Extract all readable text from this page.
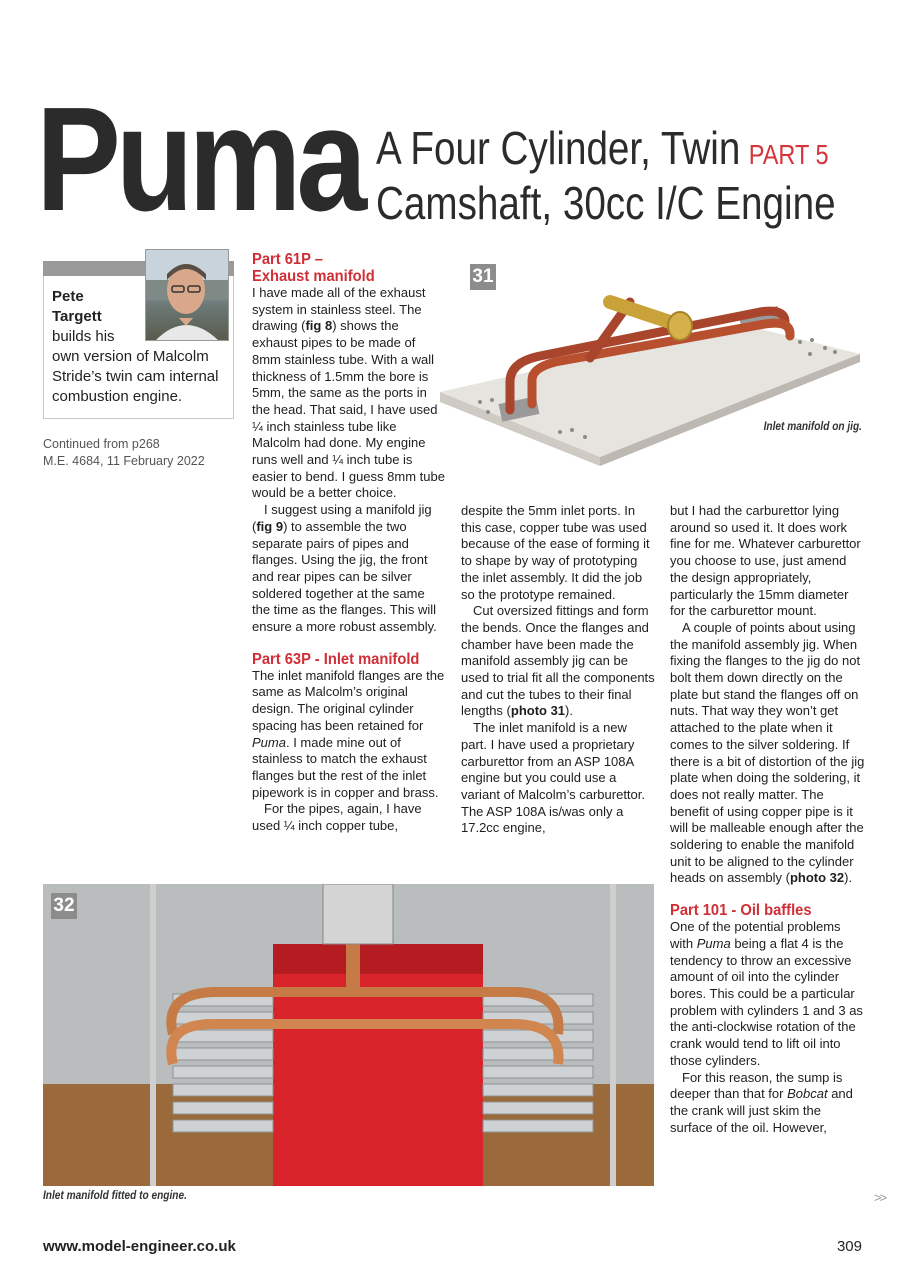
Puma A Four Cylinder, Twin PART 5
Camshaft, 30cc I/C Engine
Pete
Targett
builds his
own version of Malcolm
Stride’s twin cam internal
combustion engine.
Continued from p268
M.E. 4684, 11 February 2022
31
Inlet manifold on jig.
Part 61P –
Exhaust manifold

I have made all of the exhaust system in stainless steel. The drawing (fig 8) shows the exhaust pipes to be made of 8mm stainless tube. With a wall thickness of 1.5mm the bore is 5mm, the same as the ports in the head. That said, I have used ¼ inch stainless tube like Malcolm had done. My engine runs well and ¼ inch tube is easier to bend. I guess 8mm tube would be a better choice.

I suggest using a manifold jig (fig 9) to assemble the two separate pairs of pipes and flanges. Using the jig, the front and rear pipes can be silver soldered together at the same the time as the flanges. This will ensure a more robust assembly.

Part 63P - Inlet manifold

The inlet manifold flanges are the same as Malcolm’s original design. The original cylinder spacing has been retained for Puma. I made mine out of stainless to match the exhaust flanges but the rest of the inlet pipework is in copper and brass.

For the pipes, again, I have used ¼ inch copper tube,

despite the 5mm inlet ports. In this case, copper tube was used because of the ease of forming it to shape by way of prototyping the inlet assembly. It did the job so the prototype remained.

Cut oversized fittings and form the bends. Once the flanges and chamber have been made the manifold assembly jig can be used to trial fit all the components and cut the tubes to their final lengths (photo 31).

The inlet manifold is a new part. I have used a proprietary carburettor from an ASP 108A engine but you could use a variant of Malcolm’s carburettor. The ASP 108A is/was only a 17.2cc engine,

but I had the carburettor lying around so used it. It does work fine for me. Whatever carburettor you choose to use, just amend the design appropriately, particularly the 15mm diameter for the carburettor mount.

A couple of points about using the manifold assembly jig. When fixing the flanges to the jig do not bolt them down directly on the plate but stand the flanges off on nuts. That way they won’t get attached to the plate when it comes to the silver soldering. If there is a bit of distortion of the jig plate when doing the soldering, it does not really matter. The benefit of using copper pipe is it will be malleable enough after the soldering to enable the manifold unit to be aligned to the cylinder heads on assembly (photo 32).

Part 101 - Oil baffles

One of the potential problems with Puma being a flat 4 is the tendency to throw an excessive amount of oil into the cylinder bores. This could be a particular problem with cylinders 1 and 3 as the anti-clockwise rotation of the crank would tend to lift oil into those cylinders.

For this reason, the sump is deeper than that for Bobcat and the crank will just skim the surface of the oil. However,

32
Inlet manifold fitted to engine.	>>
www.model-engineer.co.uk	309
